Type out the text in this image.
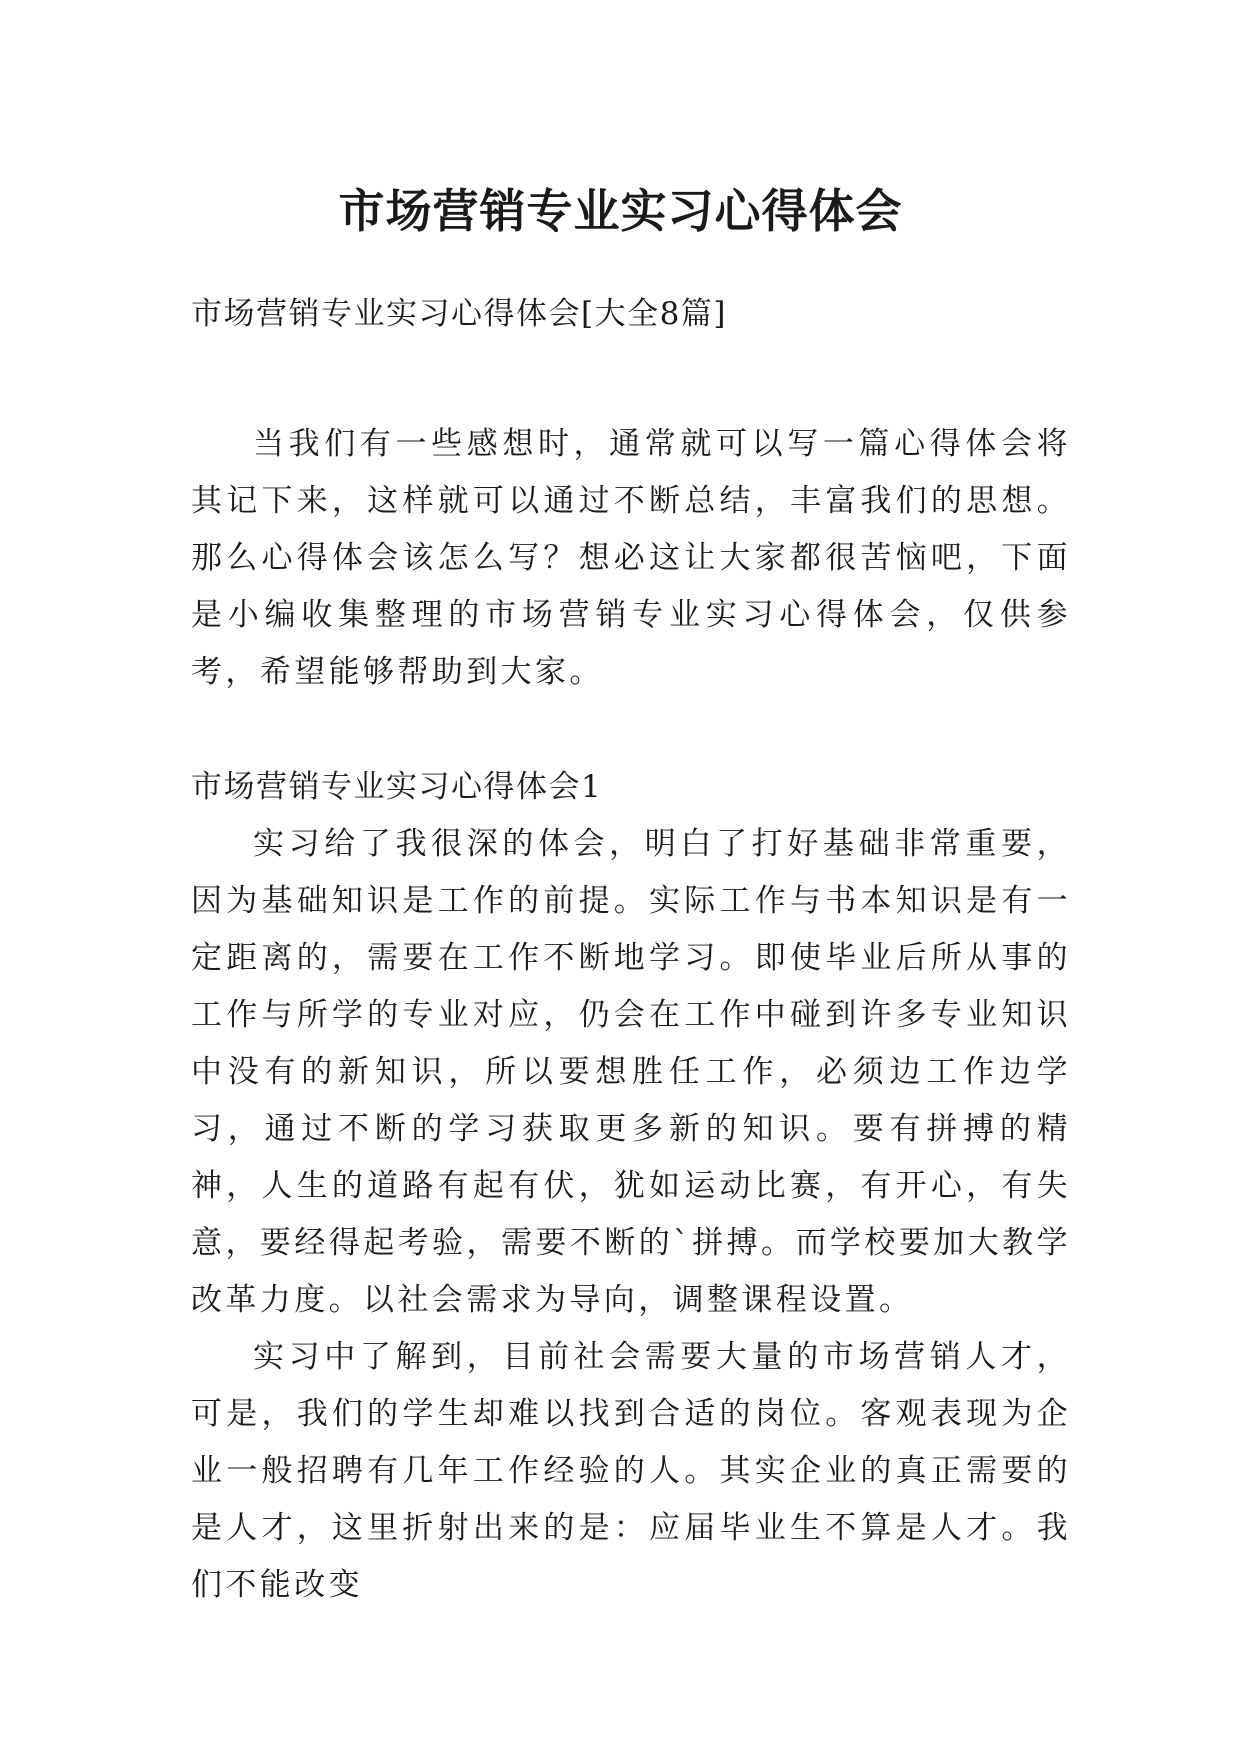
市场营销专业实习心得体会

市场营销专业实习心得体会[大全8篇]

当我们有一些感想时，通常就可以写一篇心得体会将其记下来，这样就可以通过不断总结，丰富我们的思想。那么心得体会该怎么写？想必这让大家都很苦恼吧，下面是小编收集整理的市场营销专业实习心得体会，仅供参考，希望能够帮助到大家。

市场营销专业实习心得体会1

实习给了我很深的体会，明白了打好基础非常重要，因为基础知识是工作的前提。实际工作与书本知识是有一定距离的，需要在工作不断地学习。即使毕业后所从事的工作与所学的专业对应，仍会在工作中碰到许多专业知识中没有的新知识，所以要想胜任工作，必须边工作边学习，通过不断的学习获取更多新的知识。要有拼搏的精神，人生的道路有起有伏，犹如运动比赛，有开心，有失意，要经得起考验，需要不断的`拼搏。而学校要加大教学改革力度。以社会需求为导向，调整课程设置。

实习中了解到，目前社会需要大量的市场营销人才，可是，我们的学生却难以找到合适的岗位。客观表现为企业一般招聘有几年工作经验的人。其实企业的真正需要的是人才，这里折射出来的是：应届毕业生不算是人才。我们不能改变
